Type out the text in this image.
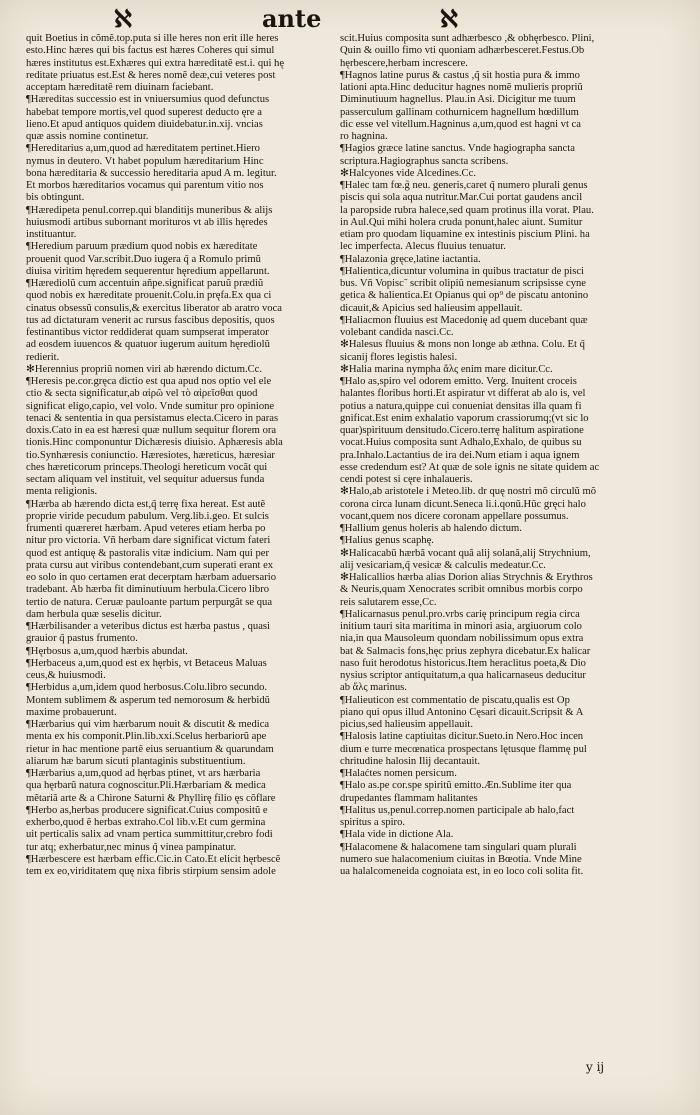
ℵ	ante	ℵ

quit Boetius in cõmẽ.top.puta si ille heres non erit ille heres

esto.Hinc hæres qui bis factus est hæres Coheres qui simul

hæres institutus est.Exhæres qui extra hæreditatẽ est.i. qui hę

reditate priuatus est.Est & heres nomẽ deæ,cui veteres post

acceptam hæreditatẽ rem diuinam faciebant.

¶Hæredítas successio est in vniuersumius quod defunctus

habebat tempore mortis,vel quod superest deducto ęre a

lieno.Et apud antiquos quidem diuidebatur.in.xij. vncias

quæ assis nomine continetur.

¶Hereditarius a,um,quod ad hæreditatem pertinet.Hiero

nymus in deutero. Vt habet populum hæreditarium Hinc

bona hæreditaria & successio hereditaria apud A m. legitur.

Et morbos hæreditarios vocamus qui parentum vitio nos

bis obtingunt.

¶Hæredipeta penul.correp.qui blanditijs muneribus & alijs

huiusmodi artibus subornant morituros vt ab illis hęredes

instituantur.

¶Heredium paruum prædium quod nobis ex hæreditate

prouenit quod Var.scribit.Duo iugera q̃ a Romulo primũ

diuisa viritim hęredem sequerentur hęredium appellarunt.

¶Hærediolũ cum accentuin añpe.significat paruũ prædiũ

quod nobis ex hæreditate prouenit.Colu.in pręfa.Ex qua ci

cinatus obsessũ consulis,& exercitus liberator ab aratro voca

tus ad dictaturam venerit ac rursus fascibus depositis, quos

festinantibus victor reddiderat quam sumpserat imperator

ad eosdem iuuencos & quatuor iugerum auitum hęrediolũ

redierit.

✻Herennius propriũ nomen viri ab hærendo dictum.Cc.

¶Heresis pe.cor.gręca dictio est qua apud nos optio vel ele

ctio & secta significatur,ab αἱρῶ vel τὸ αἱρεῖσθαι quod

significat eligo,capio, vel volo. Vnde sumitur pro opinione

tenaci & sententia in qua persistamus electa.Cicero in paras

doxis.Cato in ea est hæresi quæ nullum sequitur florem ora

tionis.Hinc componuntur Dichæresis diuisio. Aphæresis abla

tio.Synhæresis coniunctio. Hæresiotes, hæreticus, hæresiar

ches hæreticorum princeps.Theologi hereticum vocãt qui

sectam aliquam vel instituit, vel sequitur aduersus funda

menta religionis.

¶Hærba ab hærendo dicta est,q̃ terrę fixa hereat. Est autẽ

proprie viride pecudum pabulum. Verg.lib.i.geo. Et sulcis

frumenti quæreret hærbam. Apud veteres etiam herba po

nitur pro victoria. Vñ herbam dare significat victum fateri

quod est antiquę & pastoralis vitæ indicium. Nam qui per

prata cursu aut viribus contendebant,cum superati erant ex

eo solo in quo certamen erat decerptam hærbam aduersario

tradebant. Ab hærba fit diminutiuum herbula.Cicero libro

tertio de natura. Ceruæ pauloante partum perpurgãt se qua

dam herbula quæ seselis dicitur.

¶Hærbilisander a veteribus dictus est hærba pastus , quasi

grauior q̃ pastus frumento.

¶Hęrbosus a,um,quod hærbis abundat.

¶Herbaceus a,um,quod est ex hęrbis, vt Betaceus Maluas

ceus,& huiusmodi.

¶Herbidus a,um,idem quod herbosus.Colu.libro secundo.

Montem sublimem & asperum ted nemorosum & herbidũ

maxime probauerunt.

¶Hærbarius qui vim hærbarum nouit & discutit & medica

menta ex his componit.Plin.lib.xxi.Scelus herbariorũ ape

rietur in hac mentione partẽ eius seruantium & quarundam

aliarum hæ barum sicuti plantaginis substituentium.

¶Hærbarius a,um,quod ad hęrbas ptinet, vt ars hærbaria

qua hęrbarũ natura cognoscitur.Pli.Hærbariam & medica

mẽtariã arte & a Chirone Saturni & Phyllirę filio ęs cõflare

¶Herbo as,herbas producere significat.Cuius compositũ e

exherbo,quod ẽ herbas extraho.Col lib.v.Et cum germina

uit perticalis salix ad vnam pertica summittitur,crebro fodi

tur atq; exherbatur,nec minus q̃ vinea pampinatur.

¶Hærbescere est hærbam effic.Cic.in Cato.Et elicit hęrbescẽ

tem ex eo,viriditatem quę nixa fibris stirpium sensim adole

scit.Huius composita sunt adhærbesco ,& obhęrbesco. Plini,

Quin & ouillo fimo vti quoniam adhærbesceret.Festus.Ob

hęrbescere,herbam increscere.

¶Hagnos latine purus & castus ,q̃ sit hostia pura & immo

lationi apta.Hinc deducitur hagnes nomẽ mulieris propriũ

Diminutiuum hagnellus. Plau.in Asi. Dicigitur me tuum

passerculum gallinam cothurnicem hagnellum hœdillum

dic esse vel vitellum.Hagninus a,um,quod est hagni vt ca

ro hagnina.

¶Hagios græce latine sanctus. Vnde hagiographa sancta

scriptura.Hagiographus sancta scribens.

✻Halcyones vide Alcedines.Cc.

¶Halec tam fœ.g̃ neu. generis,caret q̃ numero plurali genus

piscis qui sola aqua nutritur.Mar.Cui portat gaudens ancil

la paropside rubra halece,sed quam protinus illa vorat. Plau.

in Aul.Qui mihi holera cruda ponunt,halec aiunt. Sumitur

etiam pro quodam liquamine ex intestinis piscium Plini. ha

lec imperfecta. Alecus fluuius tenuatur.

¶Halazonia gręce,latine iactantia.

¶Halientica,dicuntur volumina in quibus tractatur de pisci

bus. Vñ Vopisc˜ scribit olipiũ nemesianum scripsisse cyne

getica & halientica.Et Opianus qui op⁹ de piscatu antonino

dicauit,& Apicius sed halieusim appellauit.

¶Haliacmon fluuius est Macedonię ad quem ducebant quæ

volebant candida nasci.Cc.

✻Halesus fluuius & mons non longe ab æthna. Colu. Et q̃

sicanij flores legistis halesi.

✻Halia marina nympha ἅλς enim mare dicitur.Cc.

¶Halo as,spiro vel odorem emitto. Verg. Inuitent croceis

halantes floribus horti.Et aspiratur vt differat ab alo is, vel

potius a natura,quippe cui conueniat densitas illa quam fi

gnificat.Est enim exhalatio vaporum crassiorumq;(vt sic lo

quar)spirituum densitudo.Cicero.terrę halitum aspiratione

vocat.Huius composita sunt Adhalo,Exhalo, de quibus su

pra.Inhalo.Lactantius de ira dei.Num etiam i aqua ignem

esse credendum est? At quæ de sole ignis ne sitate quidem ac

cendi potest si cęre inhalaueris.

✻Halo,ab aristotele i Meteo.lib. dr quę nostri mõ circulũ mõ

corona circa lunam dicunt.Seneca li.i.qonũ.Hũc gręci halo

vocant,quem nos dicere coronam appellare possumus.

¶Hallium genus holeris ab halendo dictum.

¶Halius genus scaphę.

✻Halicacabũ hærbã vocant quã alij solanã,alij Strychnium,

alij vesicariam,q̃ vesicæ & calculis medeatur.Cc.

✻Halicallios hærba alias Dorion alias Strychnis & Erythros

& Neuris,quam Xenocrates scribit omnibus morbis corpo

reis salutarem esse,Cc.

¶Halicarnasus penul.pro.vrbs carię principum regia circa

initium tauri sita maritima in minori asia, argiuorum colo

nia,in qua Mausoleum quondam nobilissimum opus extra

bat & Salmacis fons,hęc prius zephyra dicebatur.Ex halicar

naso fuit herodotus historicus.Item heraclitus poeta,& Dio

nysius scriptor antiquitatum,a qua halicarnaseus deducitur

ab ἅλς marinus.

¶Halieuticon est commentatio de piscatu,qualis est Op

piano qui opus illud Antonino Cęsari dicauit.Scripsit & A

picius,sed halieusim appellauit.

¶Halosis latine captiuitas dicitur.Sueto.in Nero.Hoc incen

dium e turre mecœnatica prospectans lętusque flammę pul

chritudine halosin Ilij decantauit.

¶Halaćtes nomen persicum.

¶Halo as.pe cor.spe spiritũ emitto.Æn.Sublime iter qua

drupedantes flammam halitantes

¶Halitus us,penul.correp.nomen participale ab halo,fact

spiritus a spiro.

¶Hala vide in dictione Ala.

¶Halacomene & halacomene tam singulari quam plurali

numero sue halacomenium ciuitas in Bœotia. Vnde Mine

ua halalcomeneida cognoiata est, in eo loco coli solita fit.

y ij
